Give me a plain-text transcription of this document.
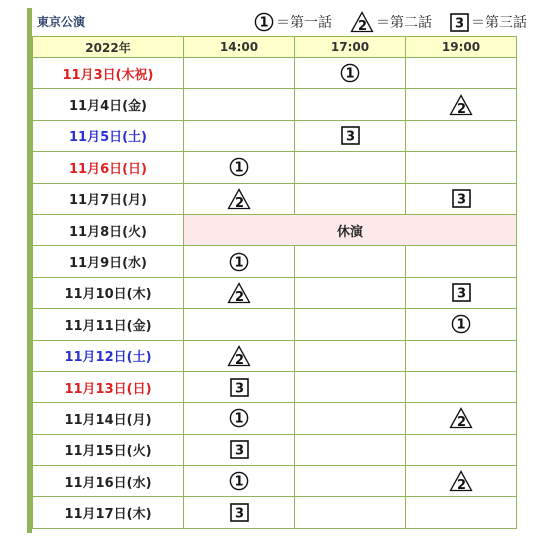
東京公演	1 ＝第一話 2 ＝第二話 3 ＝第三話
2022年	14:00	17:00	19:00
11月3日(木祝)		1	

11月4日(金)			2

11月5日(土)		3	

11月6日(日)	1		

11月7日(月)	2		3

11月8日(火)	休演		
11月9日(水)	1		

11月10日(木)	2		3

11月11日(金)			1

11月12日(土)	2		

11月13日(日)	3		

11月14日(月)	1		2

11月15日(火)	3		

11月16日(水)	1		2

11月17日(木)	3		
